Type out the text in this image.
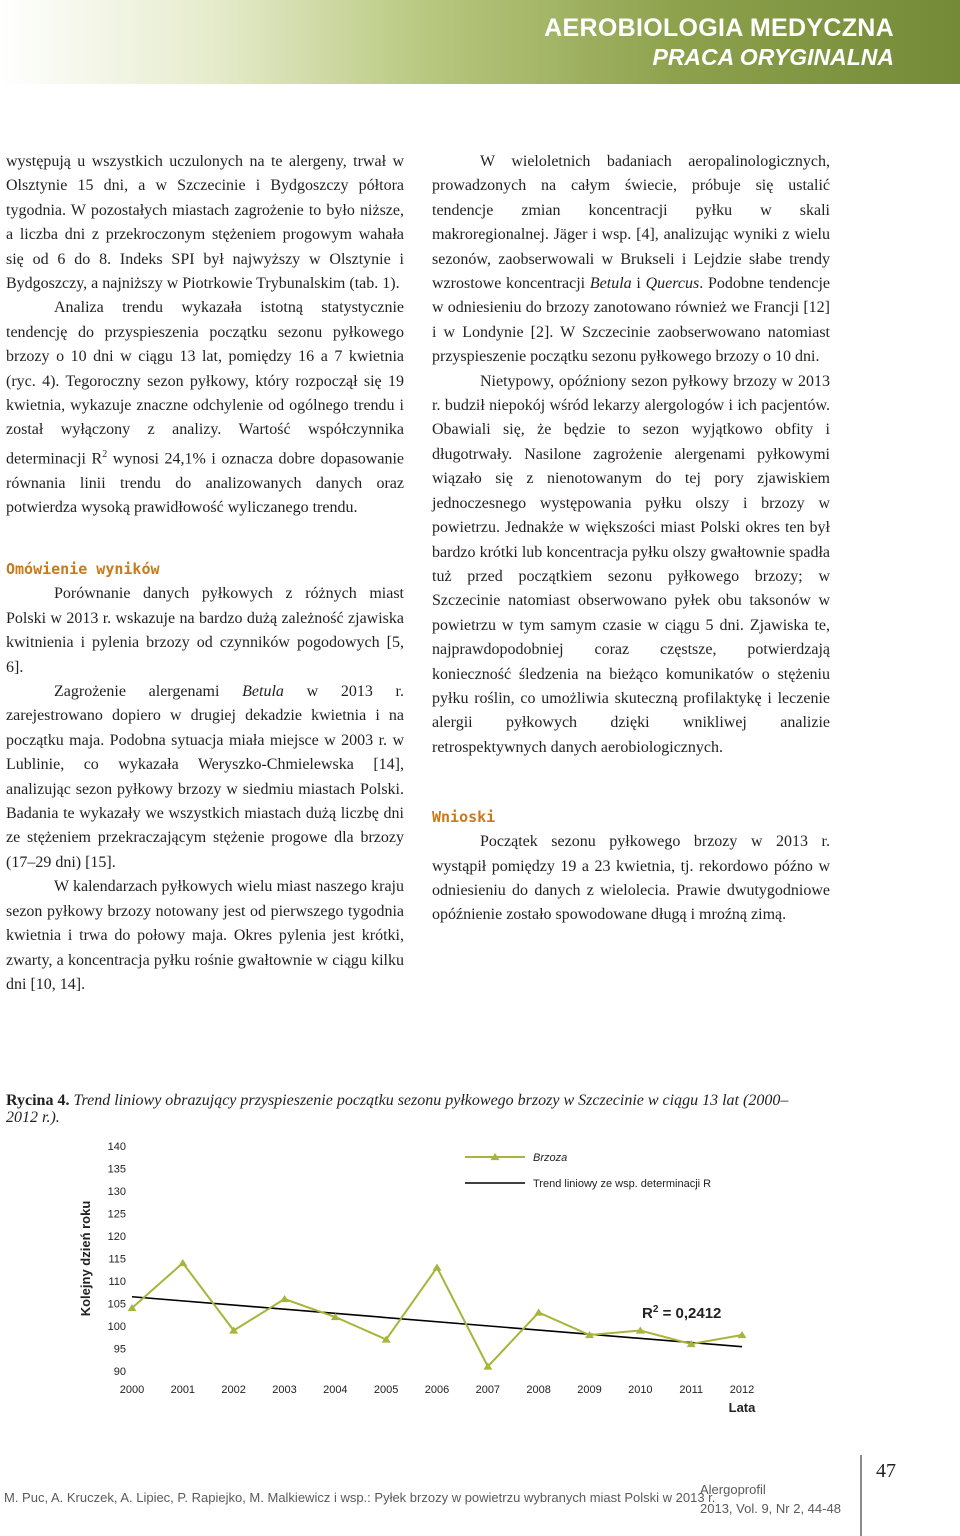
AEROBIOLOGIA MEDYCZNA
PRACA ORYGINALNA

występują u wszystkich uczulonych na te alergeny, trwał w Olsztynie 15 dni, a w Szczecinie i Bydgoszczy półtora tygodnia. W pozostałych miastach zagrożenie to było niższe, a liczba dni z przekroczonym stężeniem progowym wahała się od 6 do 8. Indeks SPI był najwyższy w Olsztynie i Bydgoszczy, a najniższy w Piotrkowie Trybunalskim (tab. 1).

Analiza trendu wykazała istotną statystycznie tendencję do przyspieszenia początku sezonu pyłkowego brzozy o 10 dni w ciągu 13 lat, pomiędzy 16 a 7 kwietnia (ryc. 4). Tegoroczny sezon pyłkowy, który rozpoczął się 19 kwietnia, wykazuje znaczne odchylenie od ogólnego trendu i został wyłączony z analizy. Wartość współczynnika determinacji $R^2$ wynosi 24,1% i oznacza dobre dopasowanie równania linii trendu do analizowanych danych oraz potwierdza wysoką prawidłowość wyliczanego trendu.

Omówienie wyników

Porównanie danych pyłkowych z różnych miast Polski w 2013 r. wskazuje na bardzo dużą zależność zjawiska kwitnienia i pylenia brzozy od czynników pogodowych [5, 6].

Zagrożenie alergenami Betula w 2013 r. zarejestrowano dopiero w drugiej dekadzie kwietnia i na początku maja. Podobna sytuacja miała miejsce w 2003 r. w Lublinie, co wykazała Weryszko-Chmielewska [14], analizując sezon pyłkowy brzozy w siedmiu miastach Polski. Badania te wykazały we wszystkich miastach dużą liczbę dni ze stężeniem przekraczającym stężenie progowe dla brzozy (17–29 dni) [15].

W kalendarzach pyłkowych wielu miast naszego kraju sezon pyłkowy brzozy notowany jest od pierwszego tygodnia kwietnia i trwa do połowy maja. Okres pylenia jest krótki, zwarty, a koncentracja pyłku rośnie gwałtownie w ciągu kilku dni [10, 14].

W wieloletnich badaniach aeropalinologicznych, prowadzonych na całym świecie, próbuje się ustalić tendencje zmian koncentracji pyłku w skali makroregionalnej. Jäger i wsp. [4], analizując wyniki z wielu sezonów, zaobserwowali w Brukseli i Lejdzie słabe trendy wzrostowe koncentracji Betula i Quercus. Podobne tendencje w odniesieniu do brzozy zanotowano również we Francji [12] i w Londynie [2]. W Szczecinie zaobserwowano natomiast przyspieszenie początku sezonu pyłkowego brzozy o 10 dni.

Nietypowy, opóźniony sezon pyłkowy brzozy w 2013 r. budził niepokój wśród lekarzy alergologów i ich pacjentów. Obawiali się, że będzie to sezon wyjątkowo obfity i długotrwały. Nasilone zagrożenie alergenami pyłkowymi wiązało się z nienotowanym do tej pory zjawiskiem jednoczesnego występowania pyłku olszy i brzozy w powietrzu. Jednakże w większości miast Polski okres ten był bardzo krótki lub koncentracja pyłku olszy gwałtownie spadła tuż przed początkiem sezonu pyłkowego brzozy; w Szczecinie natomiast obserwowano pyłek obu taksonów w powietrzu w tym samym czasie w ciągu 5 dni. Zjawiska te, najprawdopodobniej coraz częstsze, potwierdzają konieczność śledzenia na bieżąco komunikatów o stężeniu pyłku roślin, co umożliwia skuteczną profilaktykę i leczenie alergii pyłkowych dzięki wnikliwej analizie retrospektywnych danych aerobiologicznych.

Wnioski

Początek sezonu pyłkowego brzozy w 2013 r. wystąpił pomiędzy 19 a 23 kwietnia, tj. rekordowo późno w odniesieniu do danych z wielolecia. Prawie dwutygodniowe opóźnienie zostało spowodowane długą i mroźną zimą.

Rycina 4. Trend liniowy obrazujący przyspieszenie początku sezonu pyłkowego brzozy w Szczecinie w ciągu 13 lat (2000–2012 r.).
90
95
100
105
110
115
120
125
130
135
140
2000 2001 2002 2003 2004 2005 2006 2007 2008 2009 2010 2011 2012
Kolejny dzień roku
Lata
Brzoza
Trend liniowy ze wsp. determinacji R
$R^2 = 0,2412$
M. Puc, A. Kruczek, A. Lipiec, P. Rapiejko, M. Malkiewicz i wsp.: Pyłek brzozy w powietrzu wybranych miast Polski w 2013 r.
Alergoprofil
2013, Vol. 9, Nr 2, 44-48
47
